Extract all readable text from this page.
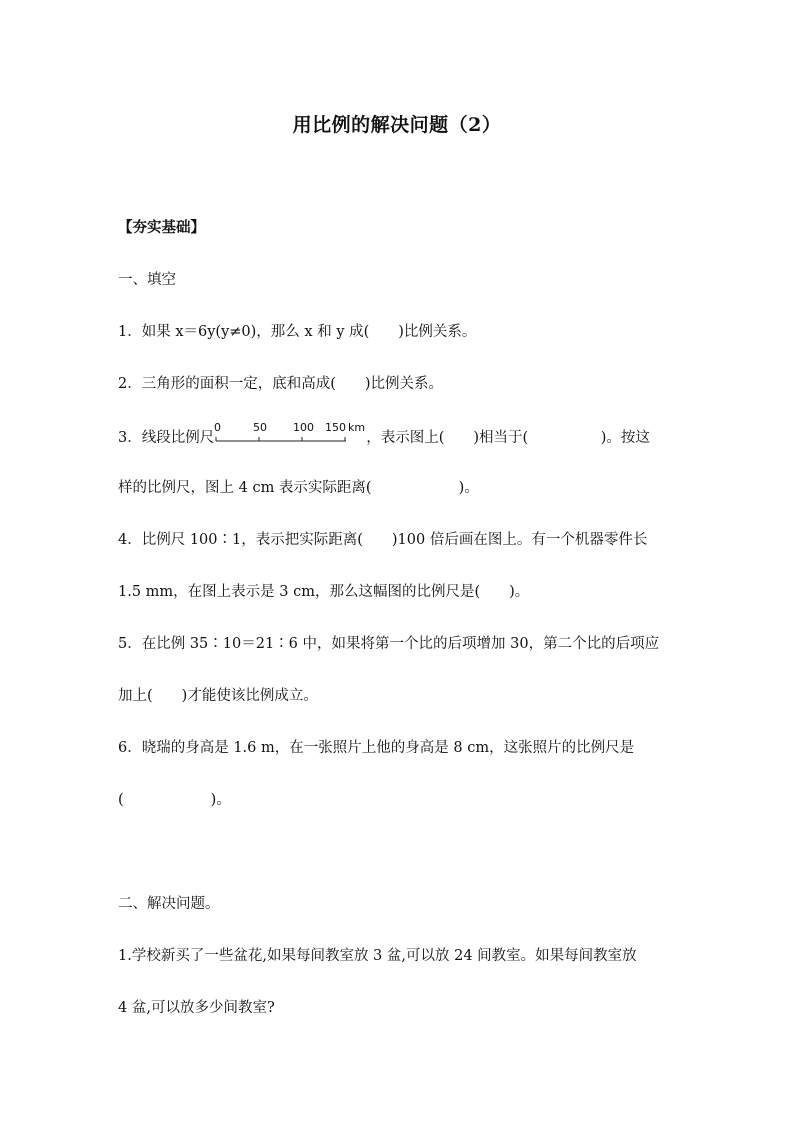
用比例的解决问题（2）
【夯实基础】
一、填空
1．如果 x＝6y(y≠0)，那么 x 和 y 成(　　)比例关系。
2．三角形的面积一定，底和高成(　　)比例关系。
3．线段比例尺
0	50 100 150 km
，表示图上(　　)相当于(　　　　　)。按这
样的比例尺，图上 4 cm 表示实际距离(　　　　　　)。
4．比例尺 100∶1，表示把实际距离(　　)100 倍后画在图上。有一个机器零件长
1.5 mm，在图上表示是 3 cm，那么这幅图的比例尺是(　　)。
5．在比例 35∶10＝21∶6 中，如果将第一个比的后项增加 30，第二个比的后项应
加上(　　)才能使该比例成立。
6．晓瑞的身高是 1.6 m，在一张照片上他的身高是 8 cm，这张照片的比例尺是
(　　　　　　)。
二、解决问题。
1.学校新买了一些盆花,如果每间教室放 3 盆,可以放 24 间教室。如果每间教室放
4 盆,可以放多少间教室?
